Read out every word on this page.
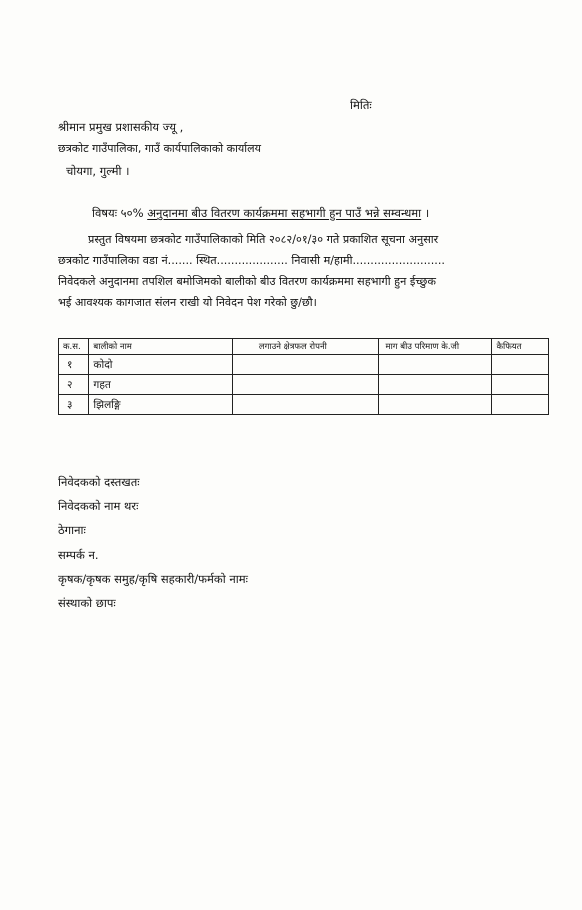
मितिः
श्रीमान प्रमुख प्रशासकीय ज्यू ,
छत्रकोट गाउँपालिका, गाउँ कार्यपालिकाको कार्यालय
चोयगा, गुल्मी ।
विषयः ५०% अनुदानमा बीउ वितरण कार्यक्रममा सहभागी हुन पाउँ भन्ने सम्वन्धमा ।

प्रस्तुत विषयमा छत्रकोट गाउँपालिकाको मिति २०८२/०१/३० गते प्रकाशित सूचना अनुसार

छत्रकोट गाउँपालिका वडा नं....... स्थित.................... निवासी म/हामी..........................

निवेदकले अनुदानमा तपशिल बमोजिमको बालीको बीउ वितरण कार्यक्रममा सहभागी हुन ईच्छुक

भई आवश्यक कागजात संलन राखी यो निवेदन पेश गरेको छु/छौ।

क.स.	बालीको नाम	लगाउने क्षेत्रफल रोपनी	माग बीउ परिमाण के.जी	कैफियत
१	कोदो			
२	गहत			
३	झिलङ्गि			
निवेदकको दस्तखतः
निवेदकको नाम थरः
ठेगानाः
सम्पर्क न.
कृषक/कृषक समुह/कृषि सहकारी/फर्मको नामः
संस्थाको छापः
